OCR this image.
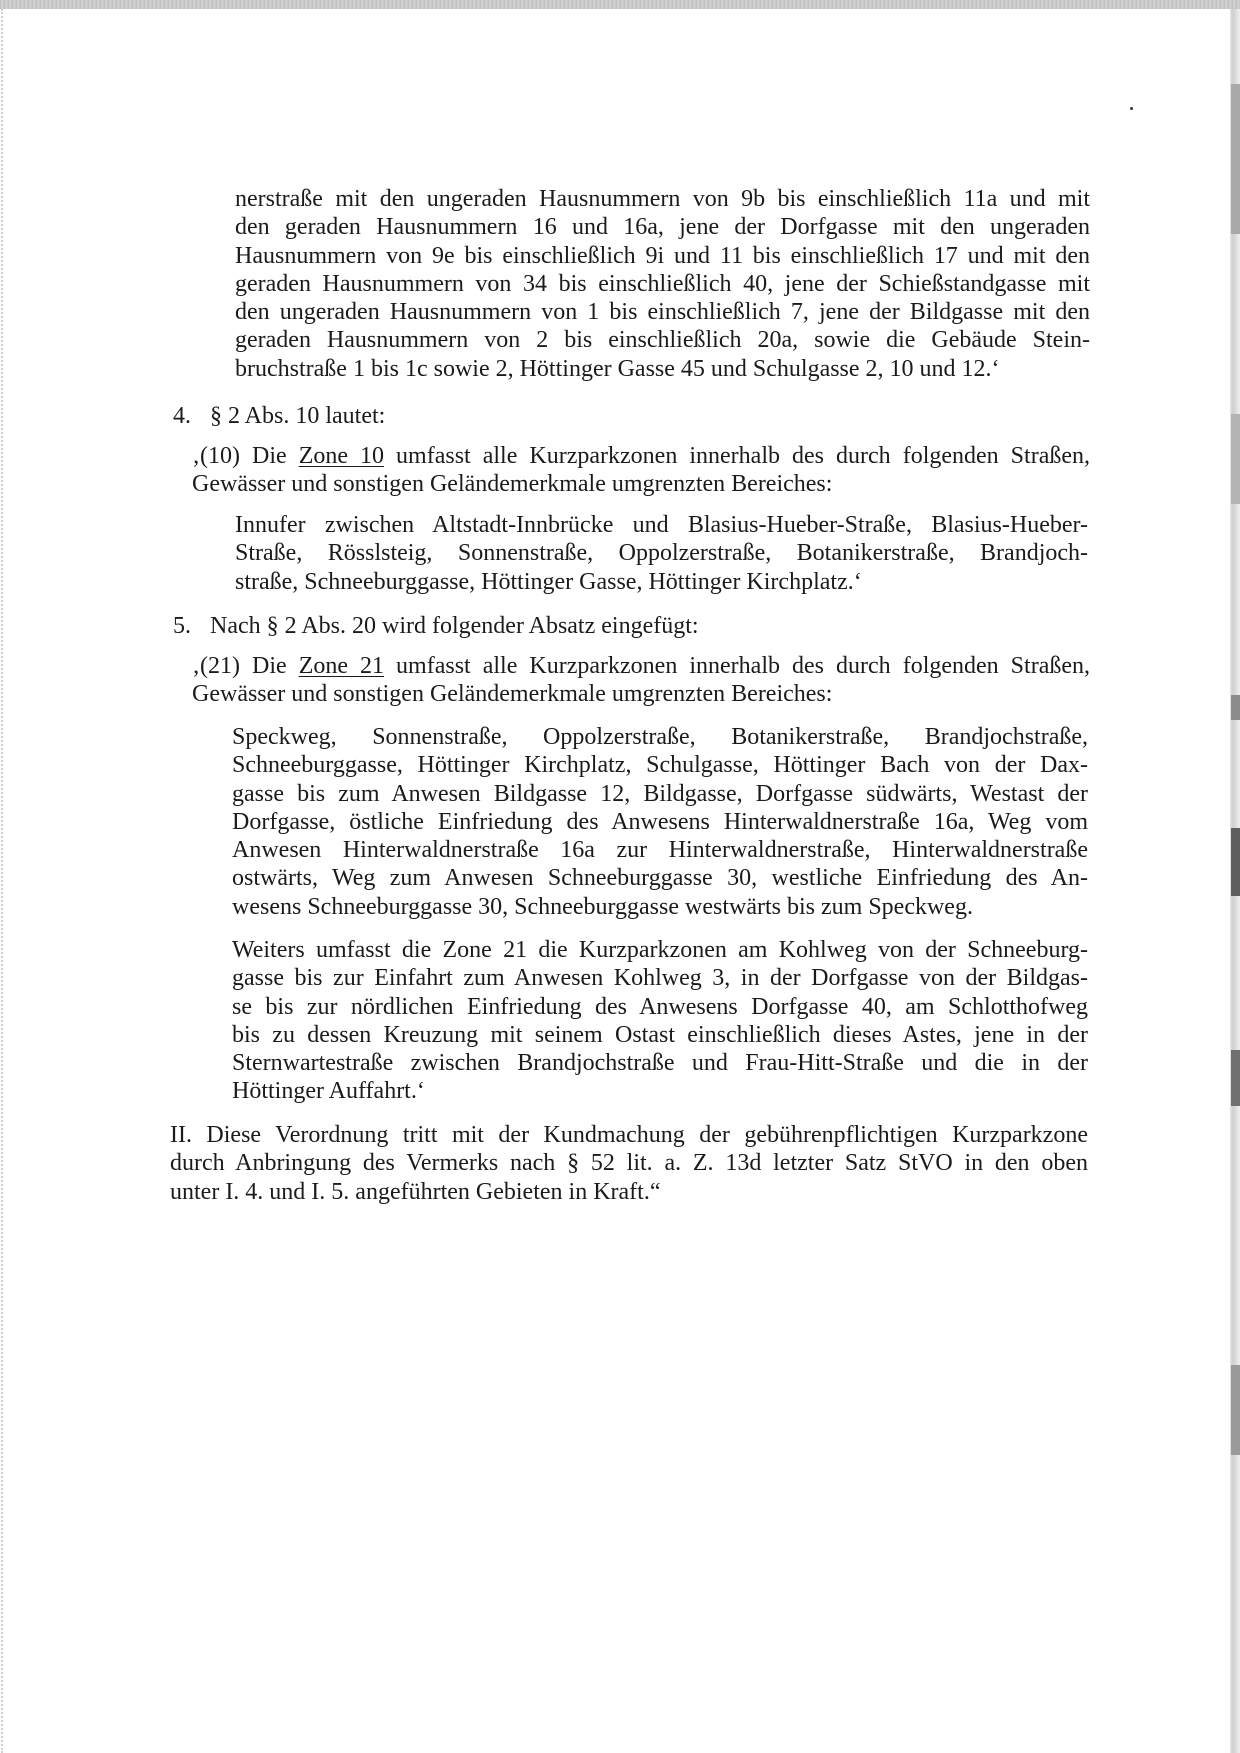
nerstraße mit den ungeraden Hausnummern von 9b bis einschließlich 11a und mit
den geraden Hausnummern 16 und 16a, jene der Dorfgasse mit den ungeraden
Hausnummern von 9e bis einschließlich 9i und 11 bis einschließlich 17 und mit den
geraden Hausnummern von 34 bis einschließlich 40, jene der Schießstandgasse mit
den ungeraden Hausnummern von 1 bis einschließlich 7, jene der Bildgasse mit den
geraden Hausnummern von 2 bis einschließlich 20a, sowie die Gebäude Stein-
bruchstraße 1 bis 1c sowie 2, Höttinger Gasse 45 und Schulgasse 2, 10 und 12.‘
4. § 2 Abs. 10 lautet:
‚(10) Die Zone 10 umfasst alle Kurzparkzonen innerhalb des durch folgenden Straßen,
Gewässer und sonstigen Geländemerkmale umgrenzten Bereiches:
Innufer zwischen Altstadt-Innbrücke und Blasius-Hueber-Straße, Blasius-Hueber-
Straße, Rösslsteig, Sonnenstraße, Oppolzerstraße, Botanikerstraße, Brandjoch-
straße, Schneeburggasse, Höttinger Gasse, Höttinger Kirchplatz.‘
5. Nach § 2 Abs. 20 wird folgender Absatz eingefügt:
‚(21) Die Zone 21 umfasst alle Kurzparkzonen innerhalb des durch folgenden Straßen,
Gewässer und sonstigen Geländemerkmale umgrenzten Bereiches:
Speckweg, Sonnenstraße, Oppolzerstraße, Botanikerstraße, Brandjochstraße,
Schneeburggasse, Höttinger Kirchplatz, Schulgasse, Höttinger Bach von der Dax-
gasse bis zum Anwesen Bildgasse 12, Bildgasse, Dorfgasse südwärts, Westast der
Dorfgasse, östliche Einfriedung des Anwesens Hinterwaldnerstraße 16a, Weg vom
Anwesen Hinterwaldnerstraße 16a zur Hinterwaldnerstraße, Hinterwaldnerstraße
ostwärts, Weg zum Anwesen Schneeburggasse 30, westliche Einfriedung des An-
wesens Schneeburggasse 30, Schneeburggasse westwärts bis zum Speckweg.
Weiters umfasst die Zone 21 die Kurzparkzonen am Kohlweg von der Schneeburg-
gasse bis zur Einfahrt zum Anwesen Kohlweg 3, in der Dorfgasse von der Bildgas-
se bis zur nördlichen Einfriedung des Anwesens Dorfgasse 40, am Schlotthofweg
bis zu dessen Kreuzung mit seinem Ostast einschließlich dieses Astes, jene in der
Sternwartestraße zwischen Brandjochstraße und Frau-Hitt-Straße und die in der
Höttinger Auffahrt.‘
II. Diese Verordnung tritt mit der Kundmachung der gebührenpflichtigen Kurzparkzone
durch Anbringung des Vermerks nach § 52 lit. a. Z. 13d letzter Satz StVO in den oben
unter I. 4. und I. 5. angeführten Gebieten in Kraft.“
